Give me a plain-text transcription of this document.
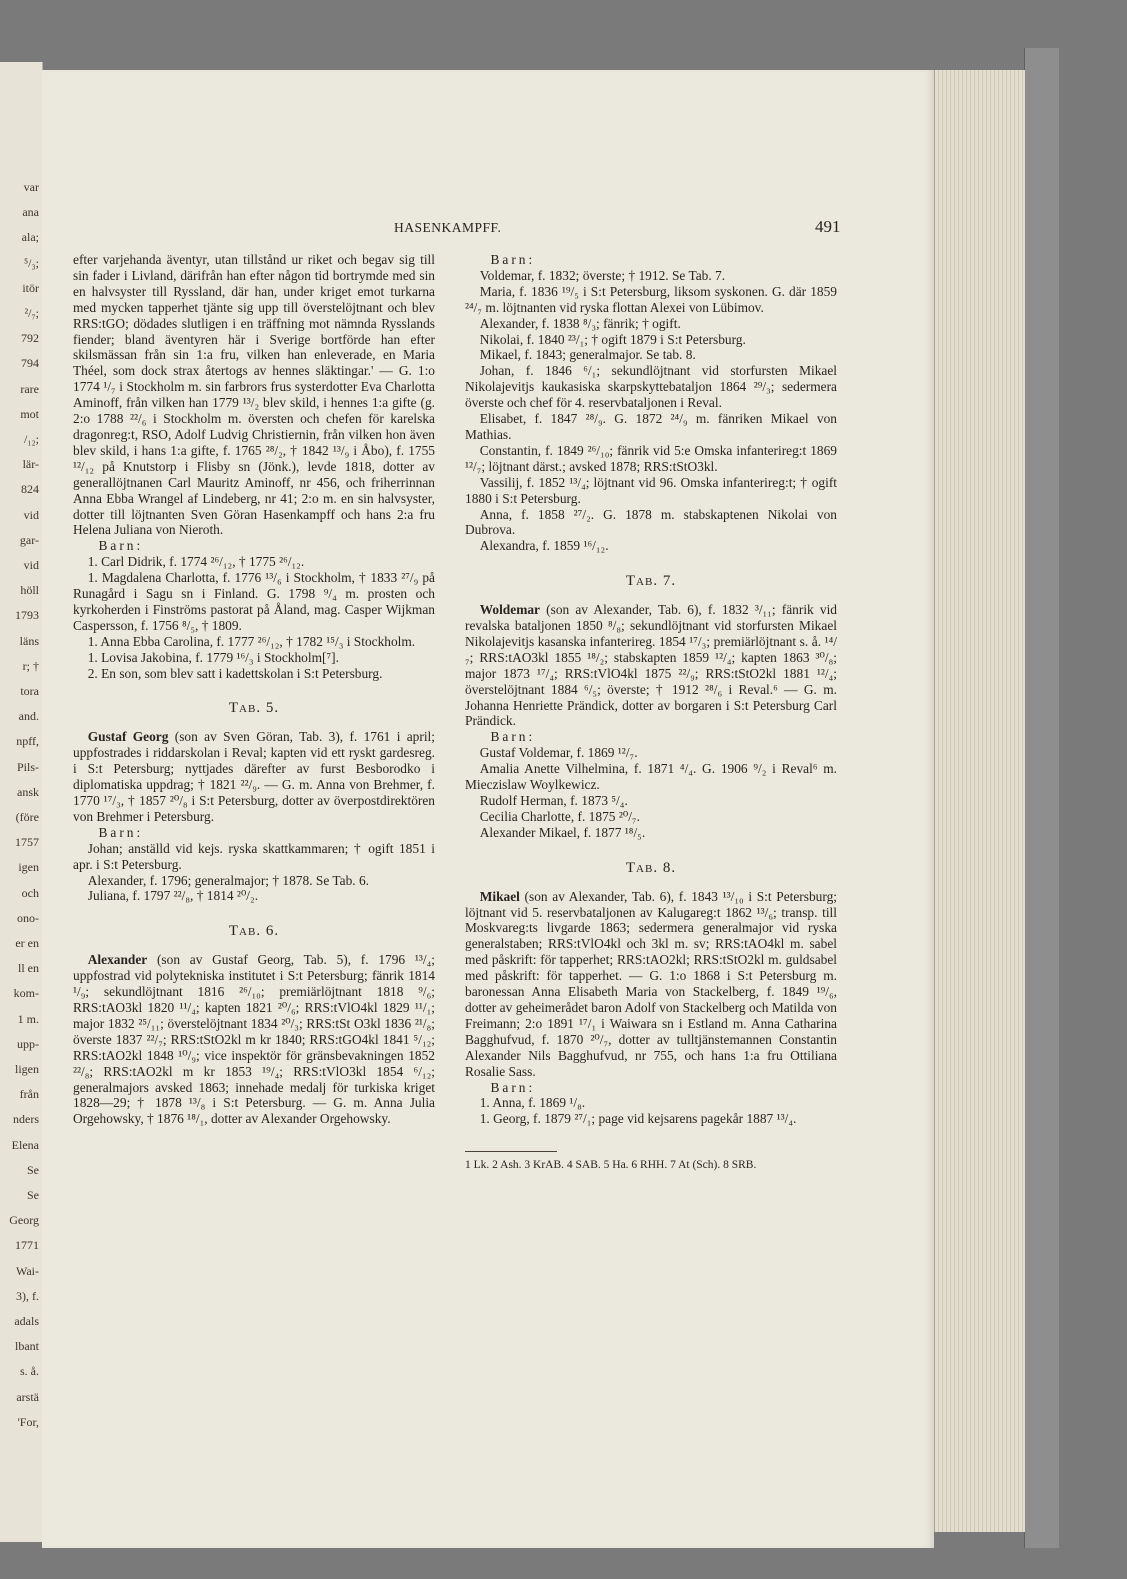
var
ana
ala;
⁵/₃;
itör
²/₇;
792
794
rare
mot
/₁₂;
lär-
824
vid
gar-
vid
höll
1793
läns
r; †
tora
and.
npff,
Pils-
ansk
(före
1757
igen
och
ono-
er en
ll en
kom-
1 m.
upp-
ligen
från
nders
Elena
Se
Se
Georg
1771
Wai-
3), f.
adals
lbant
s. å.
arstä
'For,
HASENKAMPFF.	491

efter varjehanda äventyr, utan tillstånd ur riket och begav sig till sin fader i Livland, därifrån han efter någon tid bortrymde med sin en halvsyster till Ryssland, där han, under kriget emot turkarna med mycken tapperhet tjänte sig upp till överstelöjtnant och blev RRS:tGO; dödades slutligen i en träffning mot nämnda Rysslands fiender; bland äventyren här i Sverige bortförde han efter skilsmässan från sin 1:a fru, vilken han enleverade, en Maria Théel, som dock strax återtogs av hennes släktingar.' — G. 1:o 1774 ¹/₇ i Stockholm m. sin farbrors frus systerdotter Eva Charlotta Aminoff, från vilken han 1779 ¹³/₂ blev skild, i hennes 1:a gifte (g. 2:o 1788 ²²/₆ i Stockholm m. översten och chefen för karelska dragonreg:t, RSO, Adolf Ludvig Christiernin, från vilken hon även blev skild, i hans 1:a gifte, f. 1765 ²⁸/₂, † 1842 ¹³/₉ i Åbo), f. 1755 ¹²/₁₂ på Knutstorp i Flisby sn (Jönk.), levde 1818, dotter av generallöjtnanen Carl Mauritz Aminoff, nr 456, och friherrinnan Anna Ebba Wrangel af Lindeberg, nr 41; 2:o m. en sin halvsyster, dotter till löjtnanten Sven Göran Hasenkampff och hans 2:a fru Helena Juliana von Nieroth.

Barn:

1. Carl Didrik, f. 1774 ²⁶/₁₂, † 1775 ²⁶/₁₂.

1. Magdalena Charlotta, f. 1776 ¹³/₆ i Stockholm, † 1833 ²⁷/₉ på Runagård i Sagu sn i Finland. G. 1798 ⁹/₄ m. prosten och kyrkoherden i Finströms pastorat på Åland, mag. Casper Wijkman Caspersson, f. 1756 ⁸/₅, † 1809.

1. Anna Ebba Carolina, f. 1777 ²⁶/₁₂, † 1782 ¹⁵/₃ i Stockholm.

1. Lovisa Jakobina, f. 1779 ¹⁶/₃ i Stockholm[⁷].

2. En son, som blev satt i kadettskolan i S:t Petersburg.

Tab. 5.

Gustaf Georg (son av Sven Göran, Tab. 3), f. 1761 i april; uppfostrades i riddarskolan i Reval; kapten vid ett ryskt gardesreg. i S:t Petersburg; nyttjades därefter av furst Besborodko i diplomatiska uppdrag; † 1821 ²²/₉. — G. m. Anna von Brehmer, f. 1770 ¹⁷/₃, † 1857 ²⁰/₈ i S:t Petersburg, dotter av överpostdirektören von Brehmer i Petersburg.

Barn:

Johan; anställd vid kejs. ryska skattkammaren; † ogift 1851 i apr. i S:t Petersburg.

Alexander, f. 1796; generalmajor; † 1878. Se Tab. 6.

Juliana, f. 1797 ²²/₈, † 1814 ²⁰/₂.

Tab. 6.

Alexander (son av Gustaf Georg, Tab. 5), f. 1796 ¹³/₄; uppfostrad vid polytekniska institutet i S:t Petersburg; fänrik 1814 ¹/₉; sekundlöjtnant 1816 ²⁶/₁₀; premiärlöjtnant 1818 ⁹/₆; RRS:tAO3kl 1820 ¹¹/₄; kapten 1821 ²⁰/₆; RRS:tVlO4kl 1829 ¹¹/₁; major 1832 ²⁵/₁₁; överstelöjtnant 1834 ²⁰/₃; RRS:tSt O3kl 1836 ²¹/₈; överste 1837 ²²/₇; RRS:tStO2kl m kr 1840; RRS:tGO4kl 1841 ⁵/₁₂; RRS:tAO2kl 1848 ¹⁰/₉; vice inspektör för gränsbevakningen 1852 ²²/₈; RRS:tAO2kl m kr 1853 ¹⁹/₄; RRS:tVlO3kl 1854 ⁶/₁₂; generalmajors avsked 1863; innehade medalj för turkiska kriget 1828—29; † 1878 ¹³/₈ i S:t Petersburg. — G. m. Anna Julia Orgehowsky, † 1876 ¹⁸/₁, dotter av Alexander Orgehowsky.

Barn:

Voldemar, f. 1832; överste; † 1912. Se Tab. 7.

Maria, f. 1836 ¹⁹/₅ i S:t Petersburg, liksom syskonen. G. där 1859 ²⁴/₇ m. löjtnanten vid ryska flottan Alexei von Lübimov.

Alexander, f. 1838 ⁸/₃; fänrik; † ogift.

Nikolai, f. 1840 ²³/₁; † ogift 1879 i S:t Petersburg.

Mikael, f. 1843; generalmajor. Se tab. 8.

Johan, f. 1846 ⁶/₁; sekundlöjtnant vid storfursten Mikael Nikolajevitjs kaukasiska skarpskyttebataljon 1864 ²⁹/₃; sedermera överste och chef för 4. reservbataljonen i Reval.

Elisabet, f. 1847 ²⁸/₉. G. 1872 ²⁴/₉ m. fänriken Mikael von Mathias.

Constantin, f. 1849 ²⁶/₁₀; fänrik vid 5:e Omska infanterireg:t 1869 ¹²/₇; löjtnant därst.; avsked 1878; RRS:tStO3kl.

Vassilij, f. 1852 ¹³/₄; löjtnant vid 96. Omska infanterireg:t; † ogift 1880 i S:t Petersburg.

Anna, f. 1858 ²⁷/₂. G. 1878 m. stabskaptenen Nikolai von Dubrova.

Alexandra, f. 1859 ¹⁶/₁₂.

Tab. 7.

Woldemar (son av Alexander, Tab. 6), f. 1832 ³/₁₁; fänrik vid revalska bataljonen 1850 ⁸/₈; sekundlöjtnant vid storfursten Mikael Nikolajevitjs kasanska infanterireg. 1854 ¹⁷/₃; premiärlöjtnant s. å. ¹⁴/₇; RRS:tAO3kl 1855 ¹⁸/₂; stabskapten 1859 ¹²/₄; kapten 1863 ³⁰/₈; major 1873 ¹⁷/₄; RRS:tVlO4kl 1875 ²²/₉; RRS:tStO2kl 1881 ¹²/₄; överstelöjtnant 1884 ⁶/₅; överste; † 1912 ²⁸/₆ i Reval.⁶ — G. m. Johanna Henriette Prändick, dotter av borgaren i S:t Petersburg Carl Prändick.

Barn:

Gustaf Voldemar, f. 1869 ¹²/₇.

Amalia Anette Vilhelmina, f. 1871 ⁴/₄. G. 1906 ⁹/₂ i Reval⁶ m. Mieczislaw Woylkewicz.

Rudolf Herman, f. 1873 ⁵/₄.

Cecilia Charlotte, f. 1875 ²⁰/₇.

Alexander Mikael, f. 1877 ¹⁸/₅.

Tab. 8.

Mikael (son av Alexander, Tab. 6), f. 1843 ¹³/₁₀ i S:t Petersburg; löjtnant vid 5. reservbataljonen av Kalugareg:t 1862 ¹³/₆; transp. till Moskvareg:ts livgarde 1863; sedermera generalmajor vid ryska generalstaben; RRS:tVlO4kl och 3kl m. sv; RRS:tAO4kl m. sabel med påskrift: för tapperhet; RRS:tAO2kl; RRS:tStO2kl m. guldsabel med påskrift: för tapperhet. — G. 1:o 1868 i S:t Petersburg m. baronessan Anna Elisabeth Maria von Stackelberg, f. 1849 ¹⁹/₆, dotter av geheimerådet baron Adolf von Stackelberg och Matilda von Freimann; 2:o 1891 ¹⁷/₁ i Waiwara sn i Estland m. Anna Catharina Bagghufvud, f. 1870 ²⁰/₇, dotter av tulltjänstemannen Constantin Alexander Nils Bagghufvud, nr 755, och hans 1:a fru Ottiliana Rosalie Sass.

Barn:

1. Anna, f. 1869 ¹/₈.

1. Georg, f. 1879 ²⁷/₁; page vid kejsarens pagekår 1887 ¹³/₄.

1 Lk. 2 Ash. 3 KrAB. 4 SAB. 5 Ha. 6 RHH. 7 At (Sch). 8 SRB.
